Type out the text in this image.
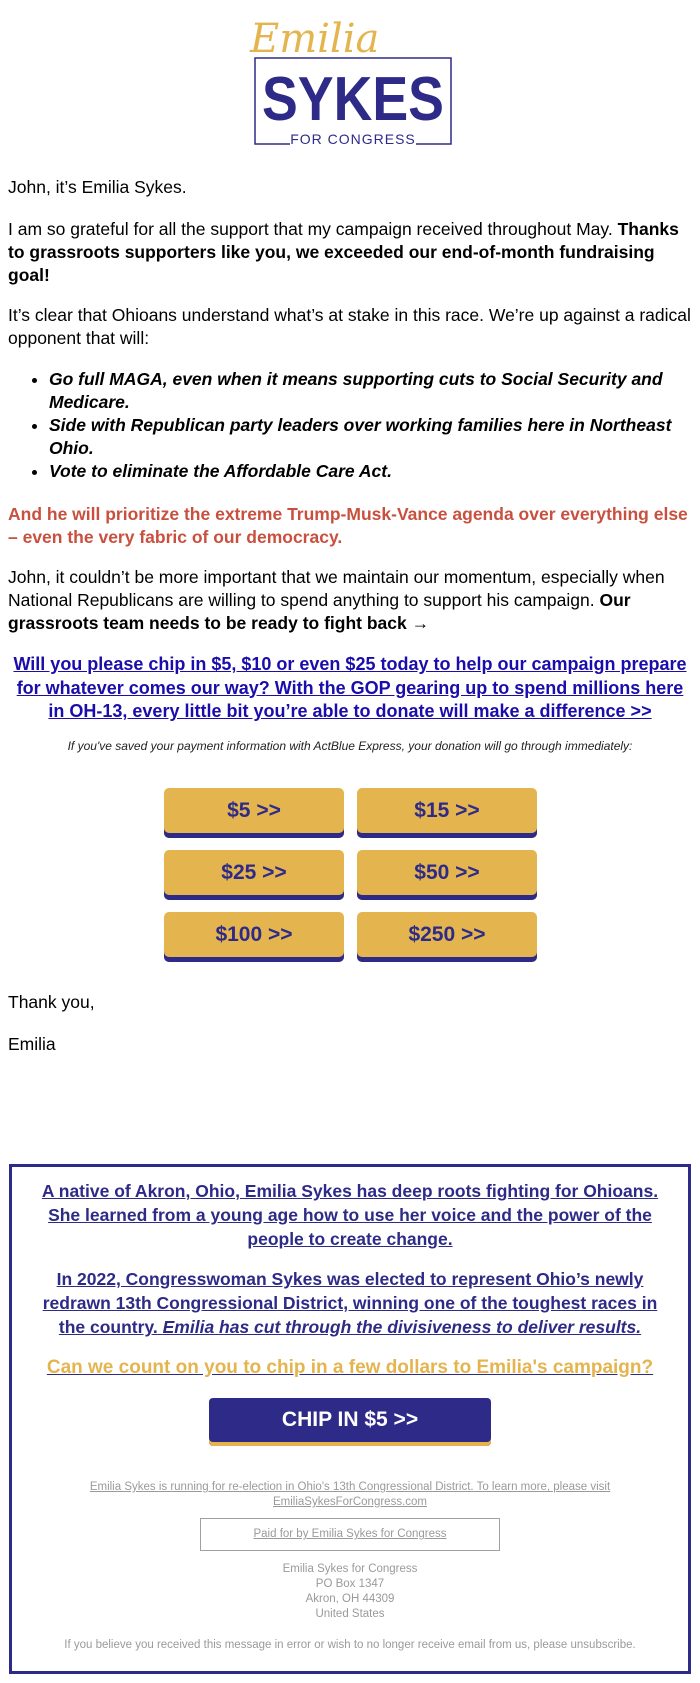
Emilia
SYKES
FOR CONGRESS

John, it’s Emilia Sykes.

I am so grateful for all the support that my campaign received throughout May. Thanks to grassroots supporters like you, we exceeded our end-of-month fundraising goal!

It’s clear that Ohioans understand what’s at stake in this race. We’re up against a radical opponent that will:

• Go full MAGA, even when it means supporting cuts to Social Security and Medicare.
• Side with Republican party leaders over working families here in Northeast Ohio.
• Vote to eliminate the Affordable Care Act.

And he will prioritize the extreme Trump-Musk-Vance agenda over everything else – even the very fabric of our democracy.

John, it couldn’t be more important that we maintain our momentum, especially when National Republicans are willing to spend anything to support his campaign. Our grassroots team needs to be ready to fight back →

Will you please chip in $5, $10 or even $25 today to help our campaign prepare for whatever comes our way? With the GOP gearing up to spend millions here in OH-13, every little bit you’re able to donate will make a difference >>
If you've saved your payment information with ActBlue Express, your donation will go through immediately:
$5 >>	$15 >>
$25 >>	$50 >>
$100 >>	$250 >>

Thank you,

Emilia

A native of Akron, Ohio, Emilia Sykes has deep roots fighting for Ohioans. She learned from a young age how to use her voice and the power of the people to create change.
In 2022, Congresswoman Sykes was elected to represent Ohio’s newly redrawn 13th Congressional District, winning one of the toughest races in the country. Emilia has cut through the divisiveness to deliver results.
Can we count on you to chip in a few dollars to Emilia's campaign?
CHIP IN $5 >>
Emilia Sykes is running for re-election in Ohio's 13th Congressional District. To learn more, please visit EmiliaSykesForCongress.com
Paid for by Emilia Sykes for Congress
Emilia Sykes for Congress
PO Box 1347
Akron, OH 44309
United States
If you believe you received this message in error or wish to no longer receive email from us, please unsubscribe.
